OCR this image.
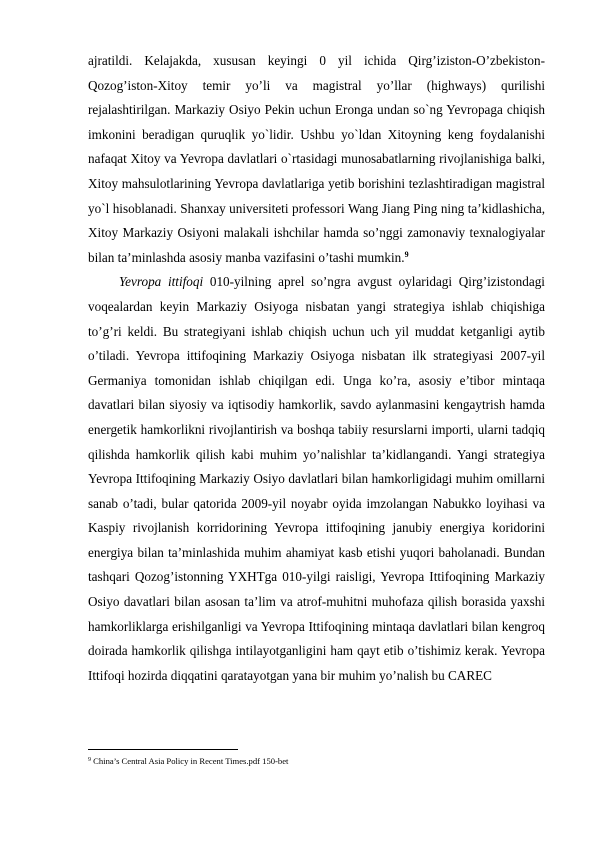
ajratildi. Kelajakda, xususan keyingi 0 yil ichida Qirg’iziston-O’zbekiston-Qozog’iston-Xitoy temir yo’li va magistral yo’llar (highways) qurilishi rejalashtirilgan. Markaziy Osiyo Pekin uchun Eronga undan so`ng Yevropaga chiqish imkonini beradigan quruqlik yo`lidir. Ushbu yo`ldan Xitoyning keng foydalanishi nafaqat Xitoy va Yevropa davlatlari o`rtasidagi munosabatlarning rivojlanishiga balki, Xitoy mahsulotlarining Yevropa davlatlariga yetib borishini tezlashtiradigan magistral yo`l hisoblanadi. Shanxay universiteti professori Wang Jiang Ping ning ta’kidlashicha, Xitoy Markaziy Osiyoni malakali ishchilar hamda so’nggi zamonaviy texnalogiyalar bilan ta’minlashda asosiy manba vazifasini o’tashi mumkin.$^9$

Yevropa ittifoqi 010-yilning aprel so’ngra avgust oylaridagi Qirg’izistondagi voqealardan keyin Markaziy Osiyoga nisbatan yangi strategiya ishlab chiqishiga to’g’ri keldi. Bu strategiyani ishlab chiqish uchun uch yil muddat ketganligi aytib o’tiladi. Yevropa ittifoqining Markaziy Osiyoga nisbatan ilk strategiyasi 2007-yil Germaniya tomonidan ishlab chiqilgan edi. Unga ko’ra, asosiy e’tibor mintaqa davatlari bilan siyosiy va iqtisodiy hamkorlik, savdo aylanmasini kengaytrish hamda energetik hamkorlikni rivojlantirish va boshqa tabiiy resurslarni importi, ularni tadqiq qilishda hamkorlik qilish kabi muhim yo’nalishlar ta’kidlangandi. Yangi strategiya Yevropa Ittifoqining Markaziy Osiyo davlatlari bilan hamkorligidagi muhim omillarni sanab o’tadi, bular qatorida 2009-yil noyabr oyida imzolangan Nabukko loyihasi va Kaspiy rivojlanish korridorining Yevropa ittifoqining janubiy energiya koridorini energiya bilan ta’minlashida muhim ahamiyat kasb etishi yuqori baholanadi. Bundan tashqari Qozog’istonning YXHTga 010-yilgi raisligi, Yevropa Ittifoqining Markaziy Osiyo davatlari bilan asosan ta’lim va atrof-muhitni muhofaza qilish borasida yaxshi hamkorliklarga erishilganligi va Yevropa Ittifoqining mintaqa davlatlari bilan kengroq doirada hamkorlik qilishga intilayotganligini ham qayt etib o’tishimiz kerak. Yevropa Ittifoqi hozirda diqqatini qaratayotgan yana bir muhim yo’nalish bu CAREC

$^9$ China’s Central Asia Policy in Recent Times.pdf 150-bet
